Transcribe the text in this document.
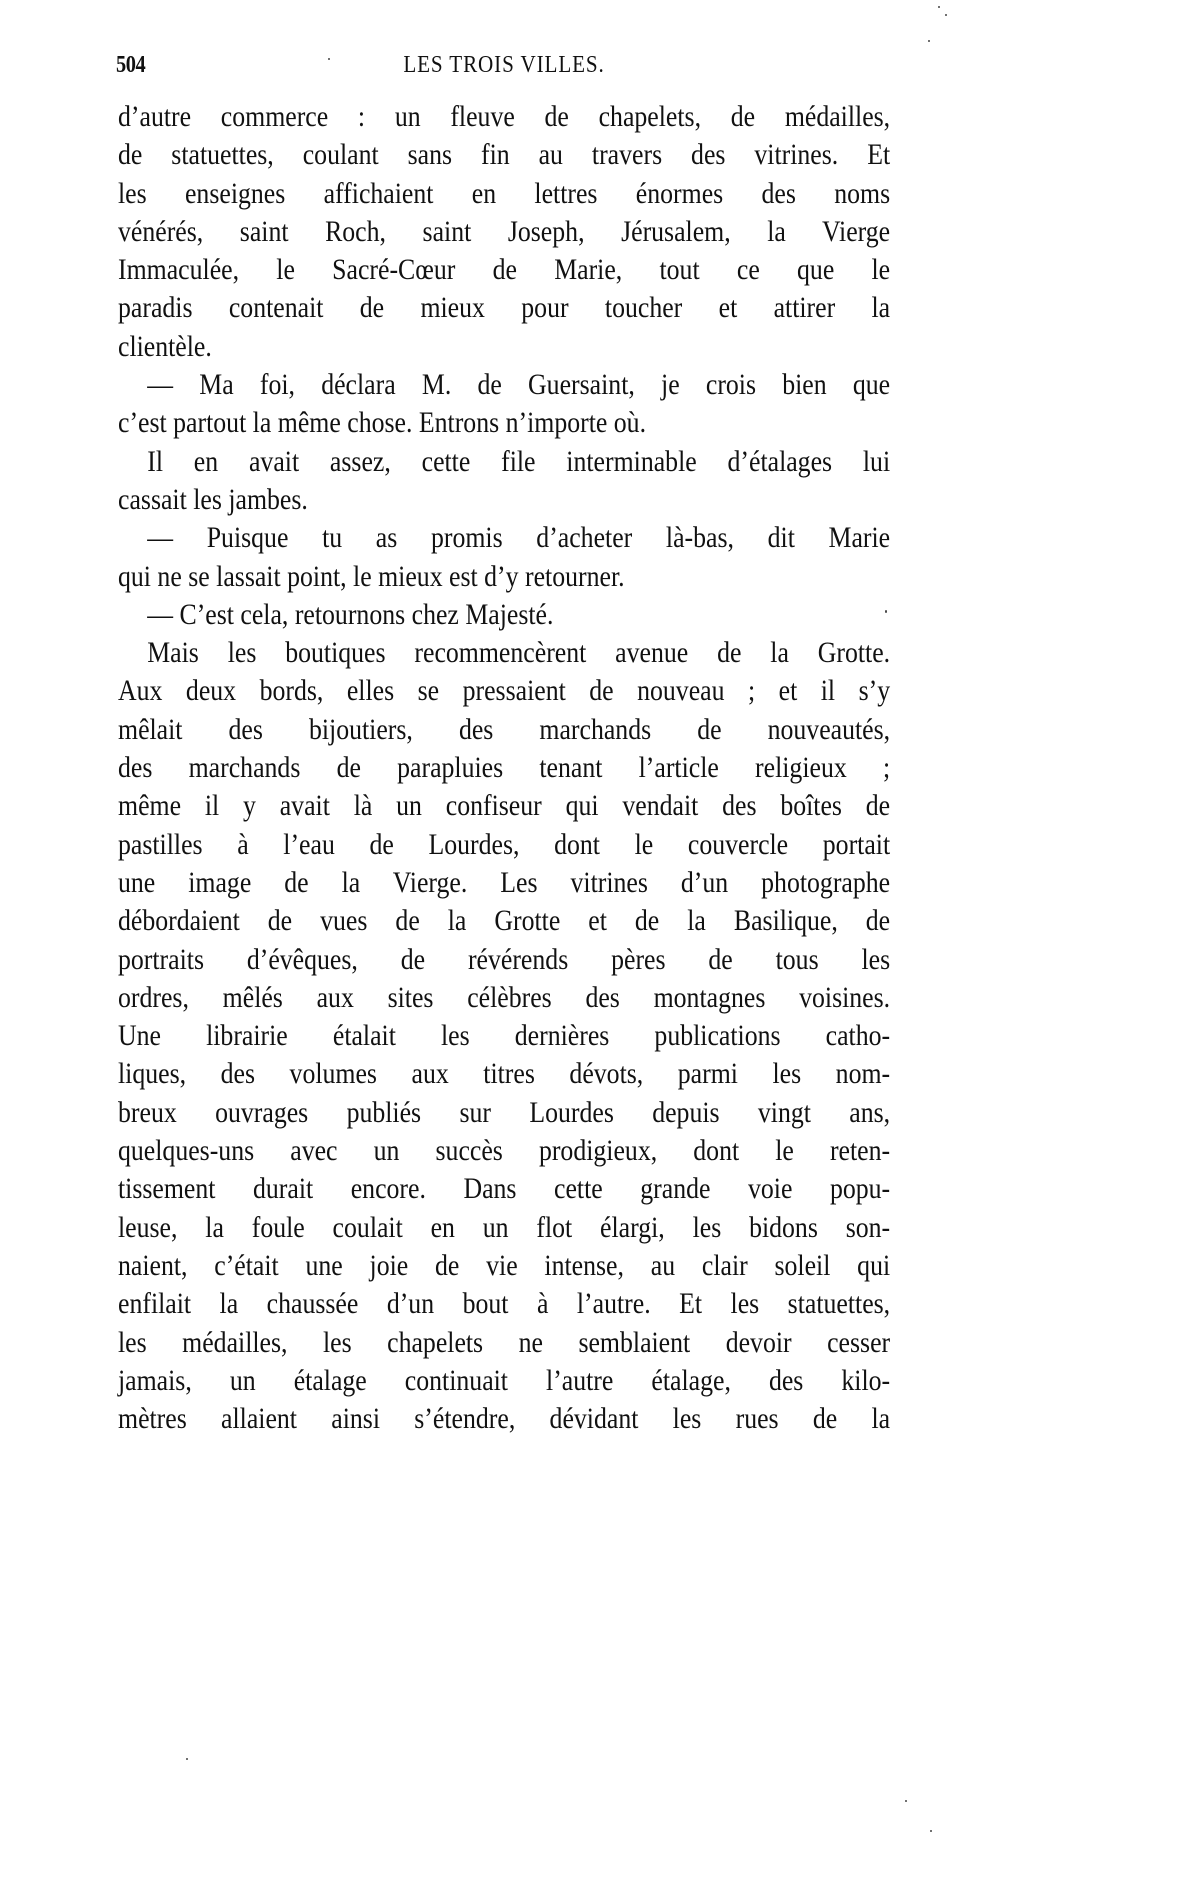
504	LES TROIS VILLES.
d’autre commerce : un fleuve de chapelets, de médailles,
de statuettes, coulant sans fin au travers des vitrines. Et
les enseignes affichaient en lettres énormes des noms
vénérés, saint Roch, saint Joseph, Jérusalem, la Vierge
Immaculée, le Sacré-Cœur de Marie, tout ce que le
paradis contenait de mieux pour toucher et attirer la
clientèle.
— Ma foi, déclara M. de Guersaint, je crois bien que
c’est partout la même chose. Entrons n’importe où.
Il en avait assez, cette file interminable d’étalages lui
cassait les jambes.
— Puisque tu as promis d’acheter là-bas, dit Marie
qui ne se lassait point, le mieux est d’y retourner.
— C’est cela, retournons chez Majesté.
Mais les boutiques recommencèrent avenue de la Grotte.
Aux deux bords, elles se pressaient de nouveau ; et il s’y
mêlait des bijoutiers, des marchands de nouveautés,
des marchands de parapluies tenant l’article religieux ;
même il y avait là un confiseur qui vendait des boîtes de
pastilles à l’eau de Lourdes, dont le couvercle portait
une image de la Vierge. Les vitrines d’un photographe
débordaient de vues de la Grotte et de la Basilique, de
portraits d’évêques, de révérends pères de tous les
ordres, mêlés aux sites célèbres des montagnes voisines.
Une librairie étalait les dernières publications catho-
liques, des volumes aux titres dévots, parmi les nom-
breux ouvrages publiés sur Lourdes depuis vingt ans,
quelques-uns avec un succès prodigieux, dont le reten-
tissement durait encore. Dans cette grande voie popu-
leuse, la foule coulait en un flot élargi, les bidons son-
naient, c’était une joie de vie intense, au clair soleil qui
enfilait la chaussée d’un bout à l’autre. Et les statuettes,
les médailles, les chapelets ne semblaient devoir cesser
jamais, un étalage continuait l’autre étalage, des kilo-
mètres allaient ainsi s’étendre, dévidant les rues de la
